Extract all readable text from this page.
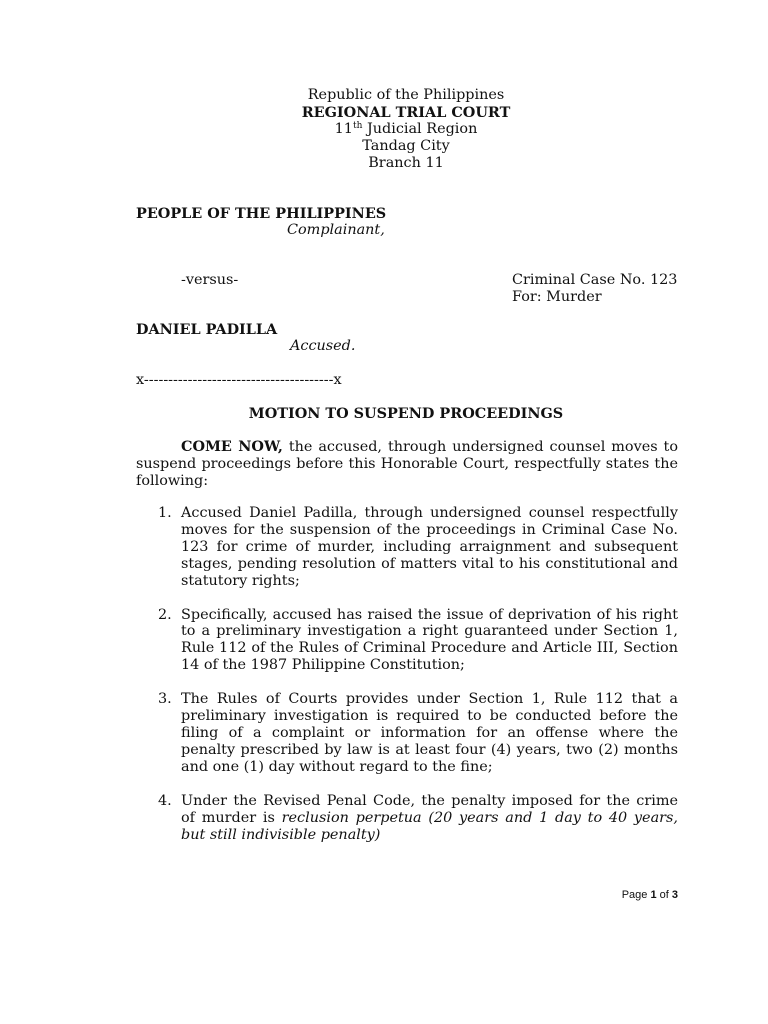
Republic of the Philippines
REGIONAL TRIAL COURT
11th Judicial Region
Tandag City
Branch 11
PEOPLE OF THE PHILIPPINES
Complainant,
-versus-	Criminal Case No. 123
For: Murder
DANIEL PADILLA
Accused.
x---------------------------------------x
MOTION TO SUSPEND PROCEEDINGS
COME NOW, the accused, through undersigned counsel moves to suspend proceedings before this Honorable Court, respectfully states the following:
1. Accused Daniel Padilla, through undersigned counsel respectfully moves for the suspension of the proceedings in Criminal Case No. 123 for crime of murder, including arraignment and subsequent stages, pending resolution of matters vital to his constitutional and statutory rights;
2. Specifically, accused has raised the issue of deprivation of his right to a preliminary investigation a right guaranteed under Section 1, Rule 112 of the Rules of Criminal Procedure and Article III, Section 14 of the 1987 Philippine Constitution;
3. The Rules of Courts provides under Section 1, Rule 112 that a preliminary investigation is required to be conducted before the filing of a complaint or information for an offense where the penalty prescribed by law is at least four (4) years, two (2) months and one (1) day without regard to the fine;
4. Under the Revised Penal Code, the penalty imposed for the crime of murder is reclusion perpetua (20 years and 1 day to 40 years, but still indivisible penalty)
Page 1 of 3
